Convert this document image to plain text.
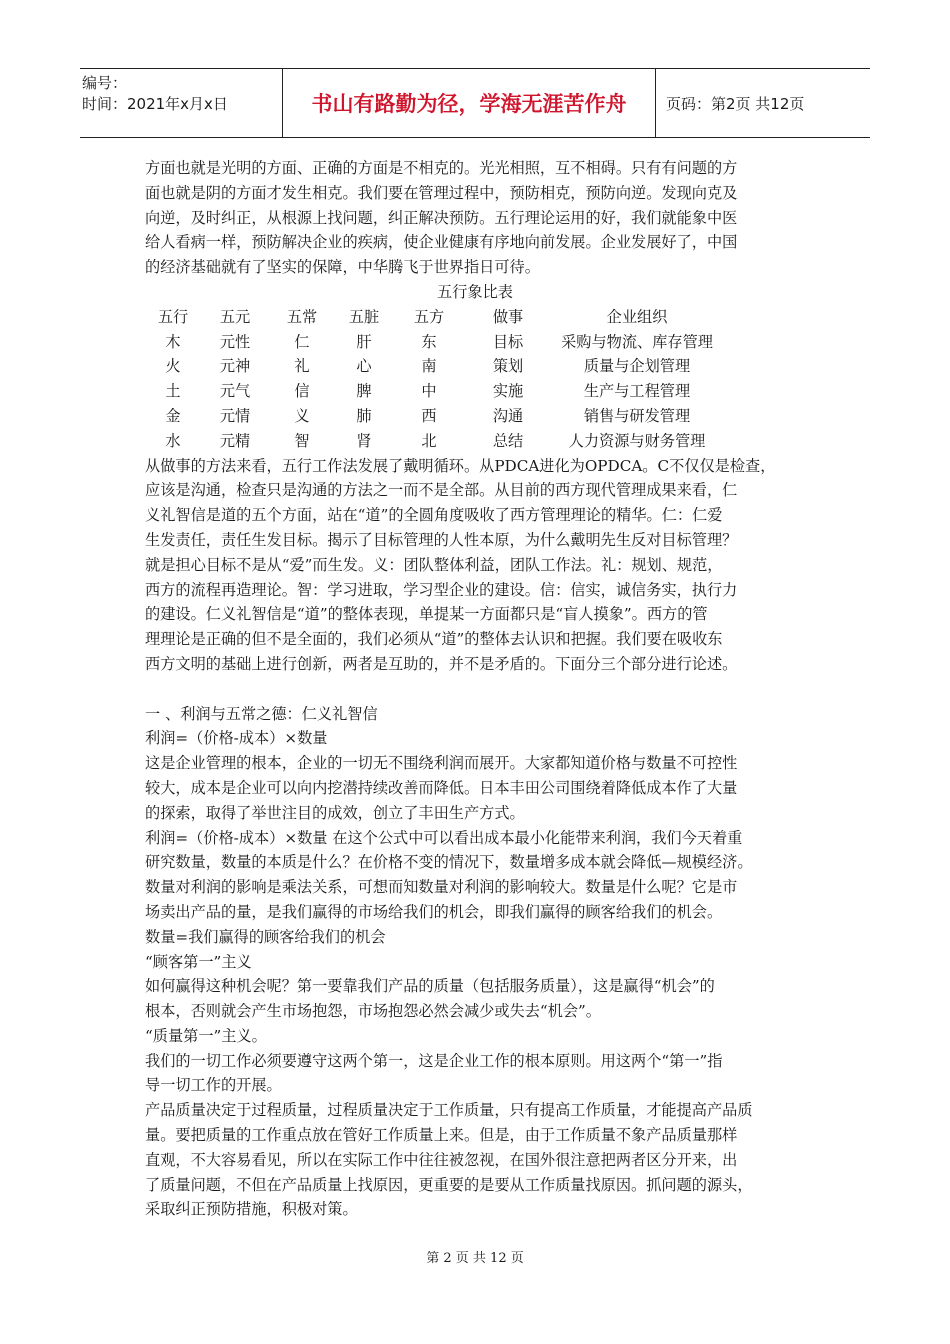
编号：
时间：2021年x月x日	书山有路勤为径，学海无涯苦作舟	页码：第2页 共12页

方面也就是光明的方面、正确的方面是不相克的。光光相照，互不相碍。只有有问题的方

面也就是阴的方面才发生相克。我们要在管理过程中，预防相克，预防向逆。发现向克及

向逆，及时纠正，从根源上找问题，纠正解决预防。五行理论运用的好，我们就能象中医

给人看病一样，预防解决企业的疾病，使企业健康有序地向前发展。企业发展好了，中国

的经济基础就有了坚实的保障，中华腾飞于世界指日可待。

五行象比表
五行	五元	五常	五脏	五方	做事	企业组织
木	元性	仁	肝	东	目标	采购与物流、库存管理
火	元神	礼	心	南	策划	质量与企划管理
土	元气	信	脾	中	实施	生产与工程管理
金	元情	义	肺	西	沟通	销售与研发管理
水	元精	智	肾	北	总结	人力资源与财务管理

从做事的方法来看，五行工作法发展了戴明循环。从PDCA进化为OPDCA。C不仅仅是检查，

应该是沟通，检查只是沟通的方法之一而不是全部。从目前的西方现代管理成果来看，仁

义礼智信是道的五个方面，站在“道”的全圆角度吸收了西方管理理论的精华。仁：仁爱

生发责任，责任生发目标。揭示了目标管理的人性本原，为什么戴明先生反对目标管理？

就是担心目标不是从“爱”而生发。义：团队整体利益，团队工作法。礼：规划、规范，

西方的流程再造理论。智：学习进取，学习型企业的建设。信：信实，诚信务实，执行力

的建设。仁义礼智信是“道”的整体表现，单提某一方面都只是“盲人摸象”。西方的管

理理论是正确的但不是全面的，我们必须从“道”的整体去认识和把握。我们要在吸收东

西方文明的基础上进行创新，两者是互助的，并不是矛盾的。下面分三个部分进行论述。

一 、利润与五常之德：仁义礼智信

利润=（价格-成本）×数量

这是企业管理的根本，企业的一切无不围绕利润而展开。大家都知道价格与数量不可控性

较大，成本是企业可以向内挖潜持续改善而降低。日本丰田公司围绕着降低成本作了大量

的探索，取得了举世注目的成效，创立了丰田生产方式。

利润=（价格-成本）×数量 在这个公式中可以看出成本最小化能带来利润，我们今天着重

研究数量，数量的本质是什么？在价格不变的情况下，数量增多成本就会降低—规模经济。

数量对利润的影响是乘法关系，可想而知数量对利润的影响较大。数量是什么呢？它是市

场卖出产品的量，是我们赢得的市场给我们的机会，即我们赢得的顾客给我们的机会。

数量=我们赢得的顾客给我们的机会

“顾客第一”主义

如何赢得这种机会呢？第一要靠我们产品的质量（包括服务质量），这是赢得“机会”的

根本，否则就会产生市场抱怨，市场抱怨必然会减少或失去“机会”。

“质量第一”主义。

我们的一切工作必须要遵守这两个第一，这是企业工作的根本原则。用这两个“第一”指

导一切工作的开展。

产品质量决定于过程质量，过程质量决定于工作质量，只有提高工作质量，才能提高产品质

量。要把质量的工作重点放在管好工作质量上来。但是，由于工作质量不象产品质量那样

直观，不大容易看见，所以在实际工作中往往被忽视，在国外很注意把两者区分开来，出

了质量问题，不但在产品质量上找原因，更重要的是要从工作质量找原因。抓问题的源头，

采取纠正预防措施，积极对策。

第 2 页 共 12 页
